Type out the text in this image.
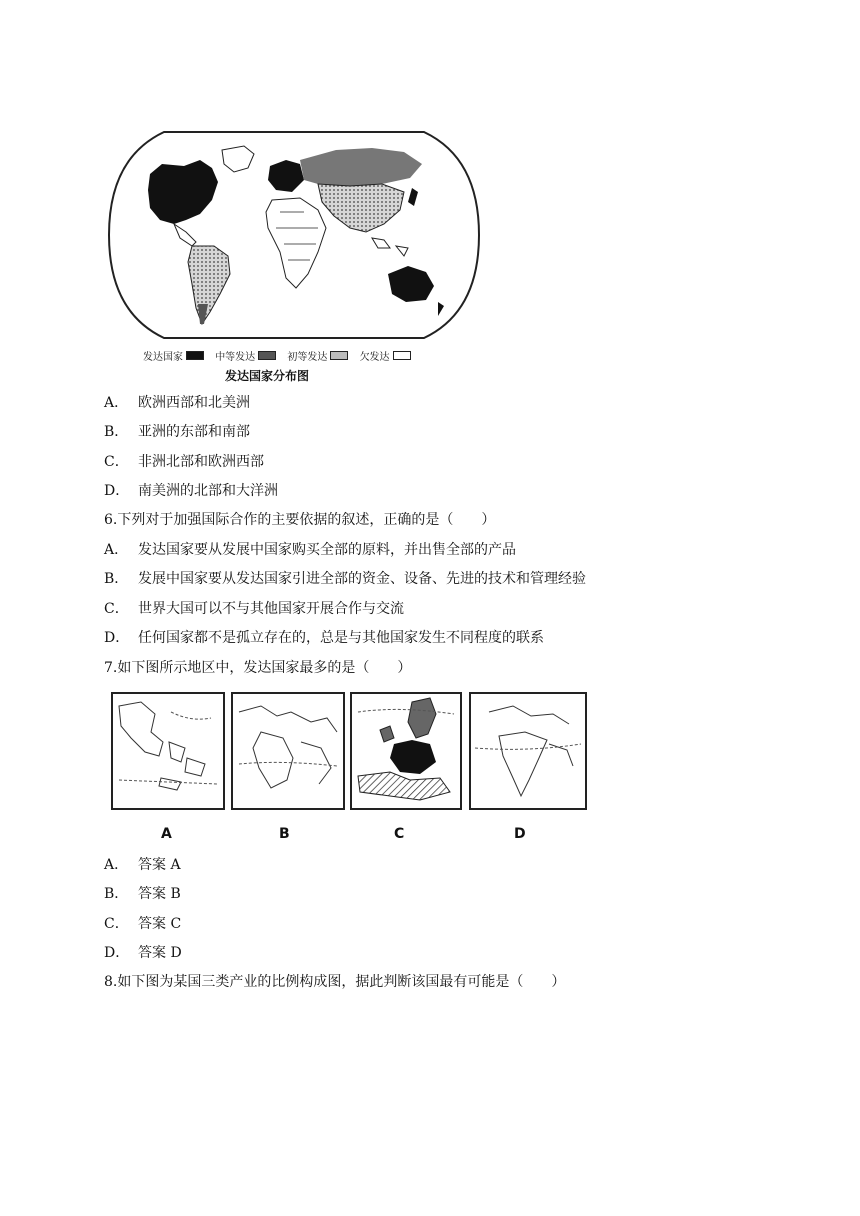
发达国家	中等发达	初等发达	欠发达
发达国家分布图
A． 欧洲西部和北美洲
B． 亚洲的东部和南部
C． 非洲北部和欧洲西部
D． 南美洲的北部和大洋洲
6.下列对于加强国际合作的主要依据的叙述，正确的是（　　）
A． 发达国家要从发展中国家购买全部的原料，并出售全部的产品
B． 发展中国家要从发达国家引进全部的资金、设备、先进的技术和管理经验
C． 世界大国可以不与其他国家开展合作与交流
D． 任何国家都不是孤立存在的，总是与其他国家发生不同程度的联系
7.如下图所示地区中，发达国家最多的是（　　）
A	B	C	D
A． 答案 A
B． 答案 B
C． 答案 C
D． 答案 D
8.如下图为某国三类产业的比例构成图，据此判断该国最有可能是（　　）
